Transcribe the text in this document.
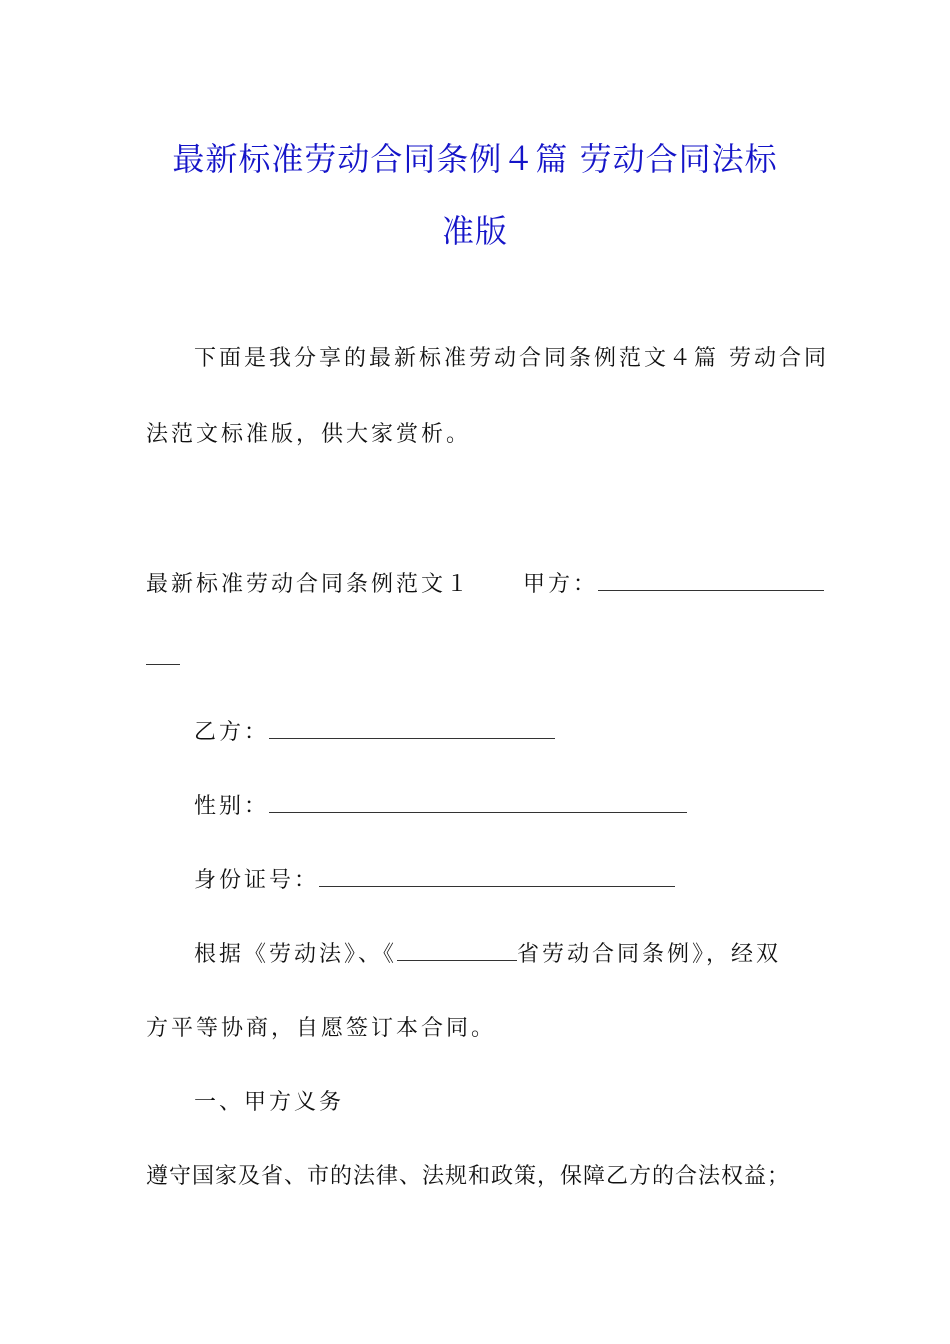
最新标准劳动合同条例４篇 劳动合同法标
准版
下面是我分享的最新标准劳动合同条例范文４篇 劳动合同
法范文标准版，供大家赏析。
最新标准劳动合同条例范文１ 甲方：
乙方：
性别：
身份证号：
根据《劳动法》、《	省劳动合同条例》，经双
方平等协商，自愿签订本合同。
一、甲方义务
遵守国家及省、市的法律、法规和政策，保障乙方的合法权益；
